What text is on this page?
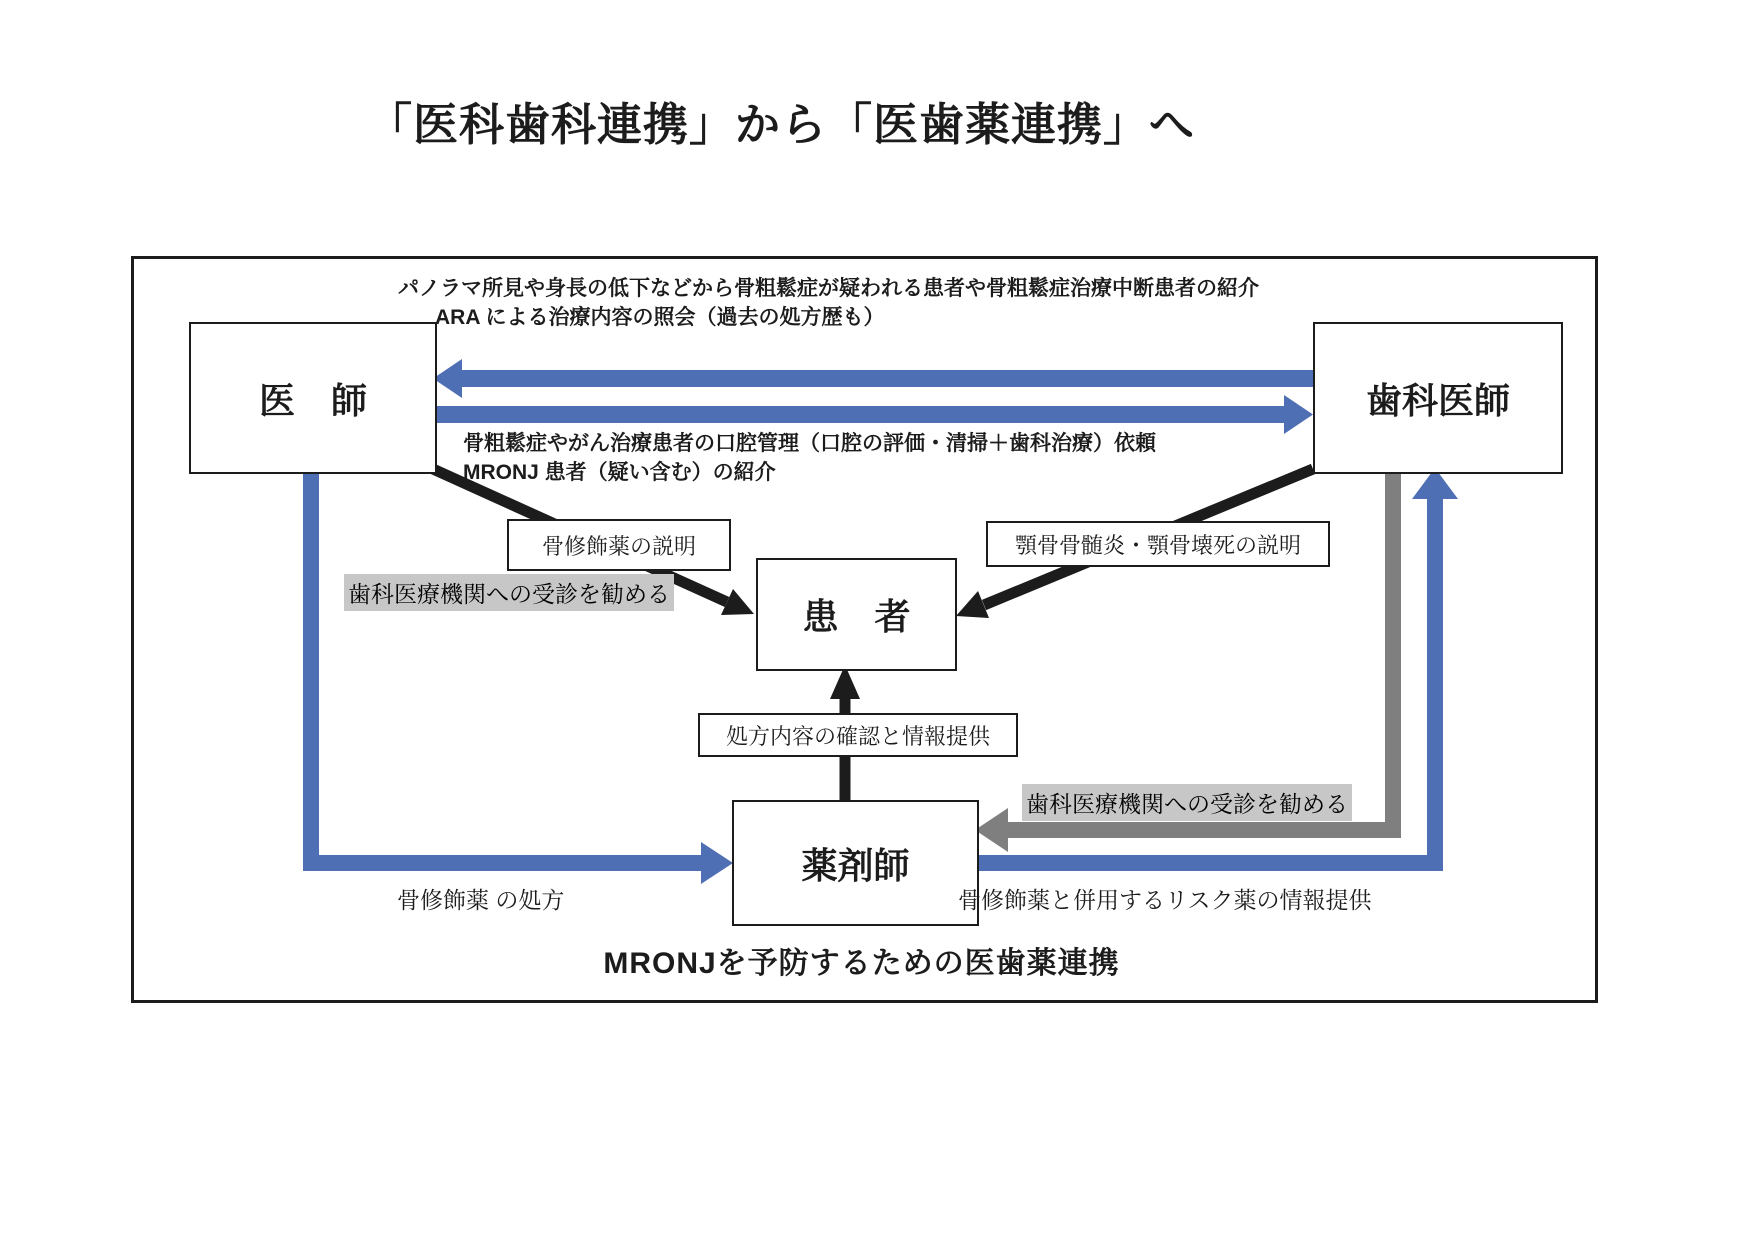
「医科歯科連携」から「医歯薬連携」へ
医　師	歯科医師
患　者
薬剤師
パノラマ所見や身長の低下などから骨粗鬆症が疑われる患者や骨粗鬆症治療中断患者の紹介
ARA による治療内容の照会（過去の処方歴も）
骨粗鬆症やがん治療患者の口腔管理（口腔の評価・清掃＋歯科治療）依頼
MRONJ 患者（疑い含む）の紹介
骨修飾薬の説明	顎骨骨髄炎・顎骨壊死の説明
処方内容の確認と情報提供
歯科医療機関への受診を勧める
歯科医療機関への受診を勧める
骨修飾薬 の処方	骨修飾薬と併用するリスク薬の情報提供
MRONJを予防するための医歯薬連携
